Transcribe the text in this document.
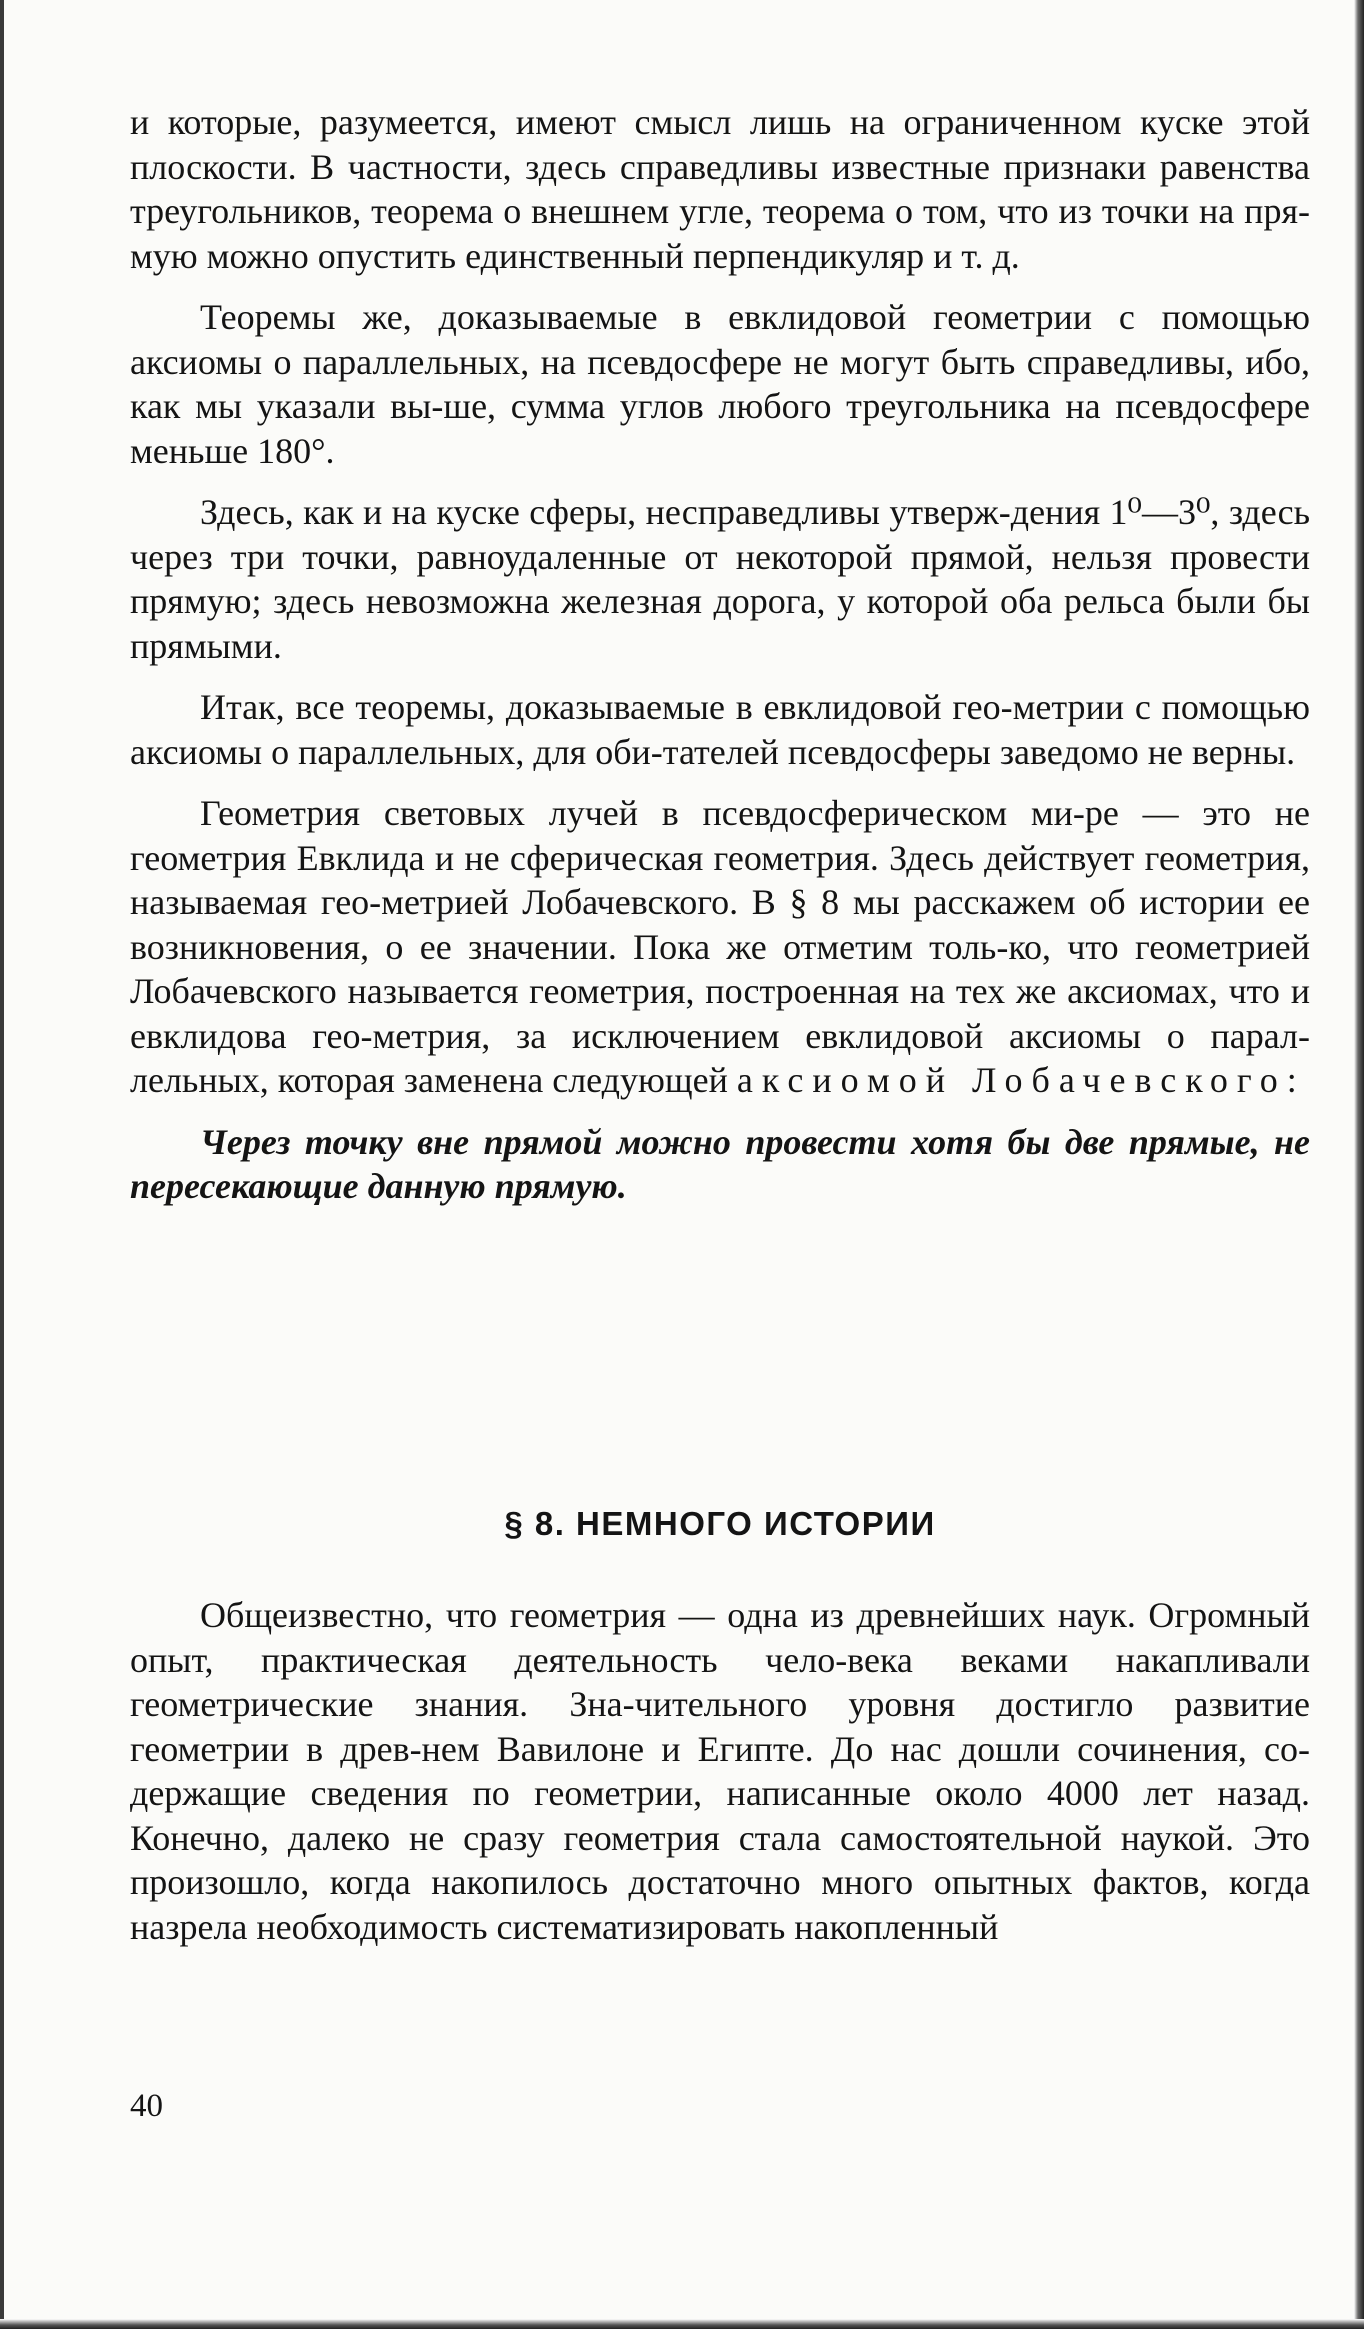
и которые, разумеется, имеют смысл лишь на ограниченном куске этой плоскости. В частности, здесь справедливы известные признаки равенства треугольников, теорема о внешнем угле, теорема о том, что из точки на пря-мую можно опустить единственный перпендикуляр и т. д.

Теоремы же, доказываемые в евклидовой геометрии с помощью аксиомы о параллельных, на псевдосфере не могут быть справедливы, ибо, как мы указали вы-ше, сумма углов любого треугольника на псевдосфере меньше 180°.

Здесь, как и на куске сферы, несправедливы утверж-дения 1⁰—3⁰, здесь через три точки, равноудаленные от некоторой прямой, нельзя провести прямую; здесь невозможна железная дорога, у которой оба рельса были бы прямыми.

Итак, все теоремы, доказываемые в евклидовой гео-метрии с помощью аксиомы о параллельных, для оби-тателей псевдосферы заведомо не верны.

Геометрия световых лучей в псевдосферическом ми-ре — это не геометрия Евклида и не сферическая геометрия. Здесь действует геометрия, называемая гео-метрией Лобачевского. В § 8 мы расскажем об истории ее возникновения, о ее значении. Пока же отметим толь-ко, что геометрией Лобачевского называется геометрия, построенная на тех же аксиомах, что и евклидова гео-метрия, за исключением евклидовой аксиомы о парал-лельных, которая заменена следующей аксиомой Лобачевского:

Через точку вне прямой можно провести хотя бы две прямые, не пересекающие данную прямую.

§ 8. НЕМНОГО ИСТОРИИ

Общеизвестно, что геометрия — одна из древнейших наук. Огромный опыт, практическая деятельность чело-века веками накапливали геометрические знания. Зна-чительного уровня достигло развитие геометрии в древ-нем Вавилоне и Египте. До нас дошли сочинения, со-держащие сведения по геометрии, написанные около 4000 лет назад. Конечно, далеко не сразу геометрия стала самостоятельной наукой. Это произошло, когда накопилось достаточно много опытных фактов, когда назрела необходимость систематизировать накопленный

40
